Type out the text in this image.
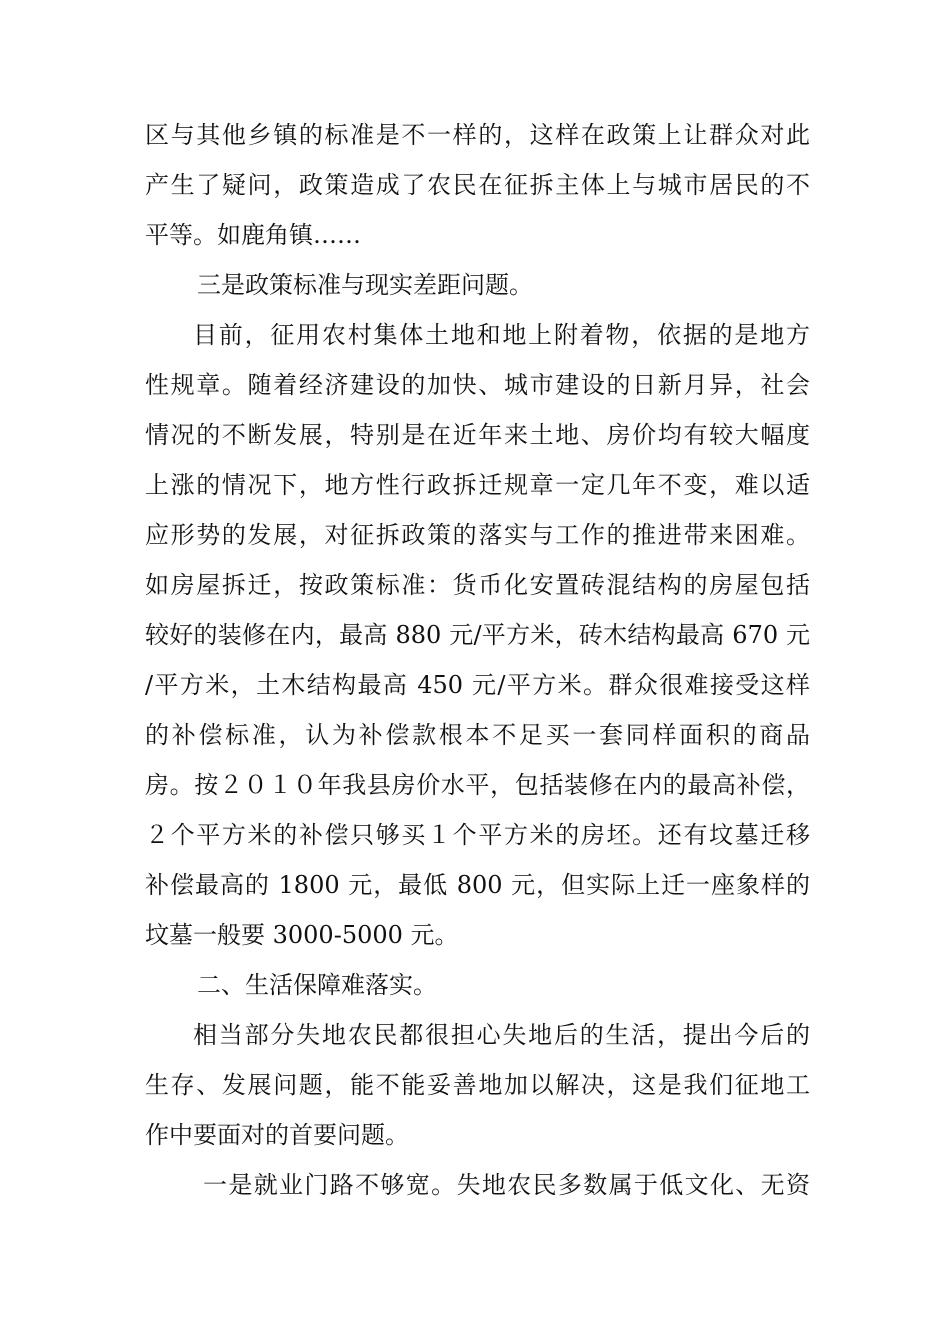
区与其他乡镇的标准是不一样的，这样在政策上让群众对此
产生了疑问，政策造成了农民在征拆主体上与城市居民的不
平等。如鹿角镇……
三是政策标准与现实差距问题。
目前，征用农村集体土地和地上附着物，依据的是地方
性规章。随着经济建设的加快、城市建设的日新月异，社会
情况的不断发展，特别是在近年来土地、房价均有较大幅度
上涨的情况下，地方性行政拆迁规章一定几年不变，难以适
应形势的发展，对征拆政策的落实与工作的推进带来困难。
如房屋拆迁，按政策标准：货币化安置砖混结构的房屋包括
较好的装修在内，最高 880 元/平方米，砖木结构最高 670 元
/平方米，土木结构最高 450 元/平方米。群众很难接受这样
的补偿标准，认为补偿款根本不足买一套同样面积的商品
房。按２０１０年我县房价水平，包括装修在内的最高补偿，
２个平方米的补偿只够买１个平方米的房坯。还有坟墓迁移
补偿最高的 1800 元，最低 800 元，但实际上迁一座象样的
坟墓一般要 3000-5000 元。
二、生活保障难落实。
相当部分失地农民都很担心失地后的生活，提出今后的
生存、发展问题，能不能妥善地加以解决，这是我们征地工
作中要面对的首要问题。
一是就业门路不够宽。失地农民多数属于低文化、无资
